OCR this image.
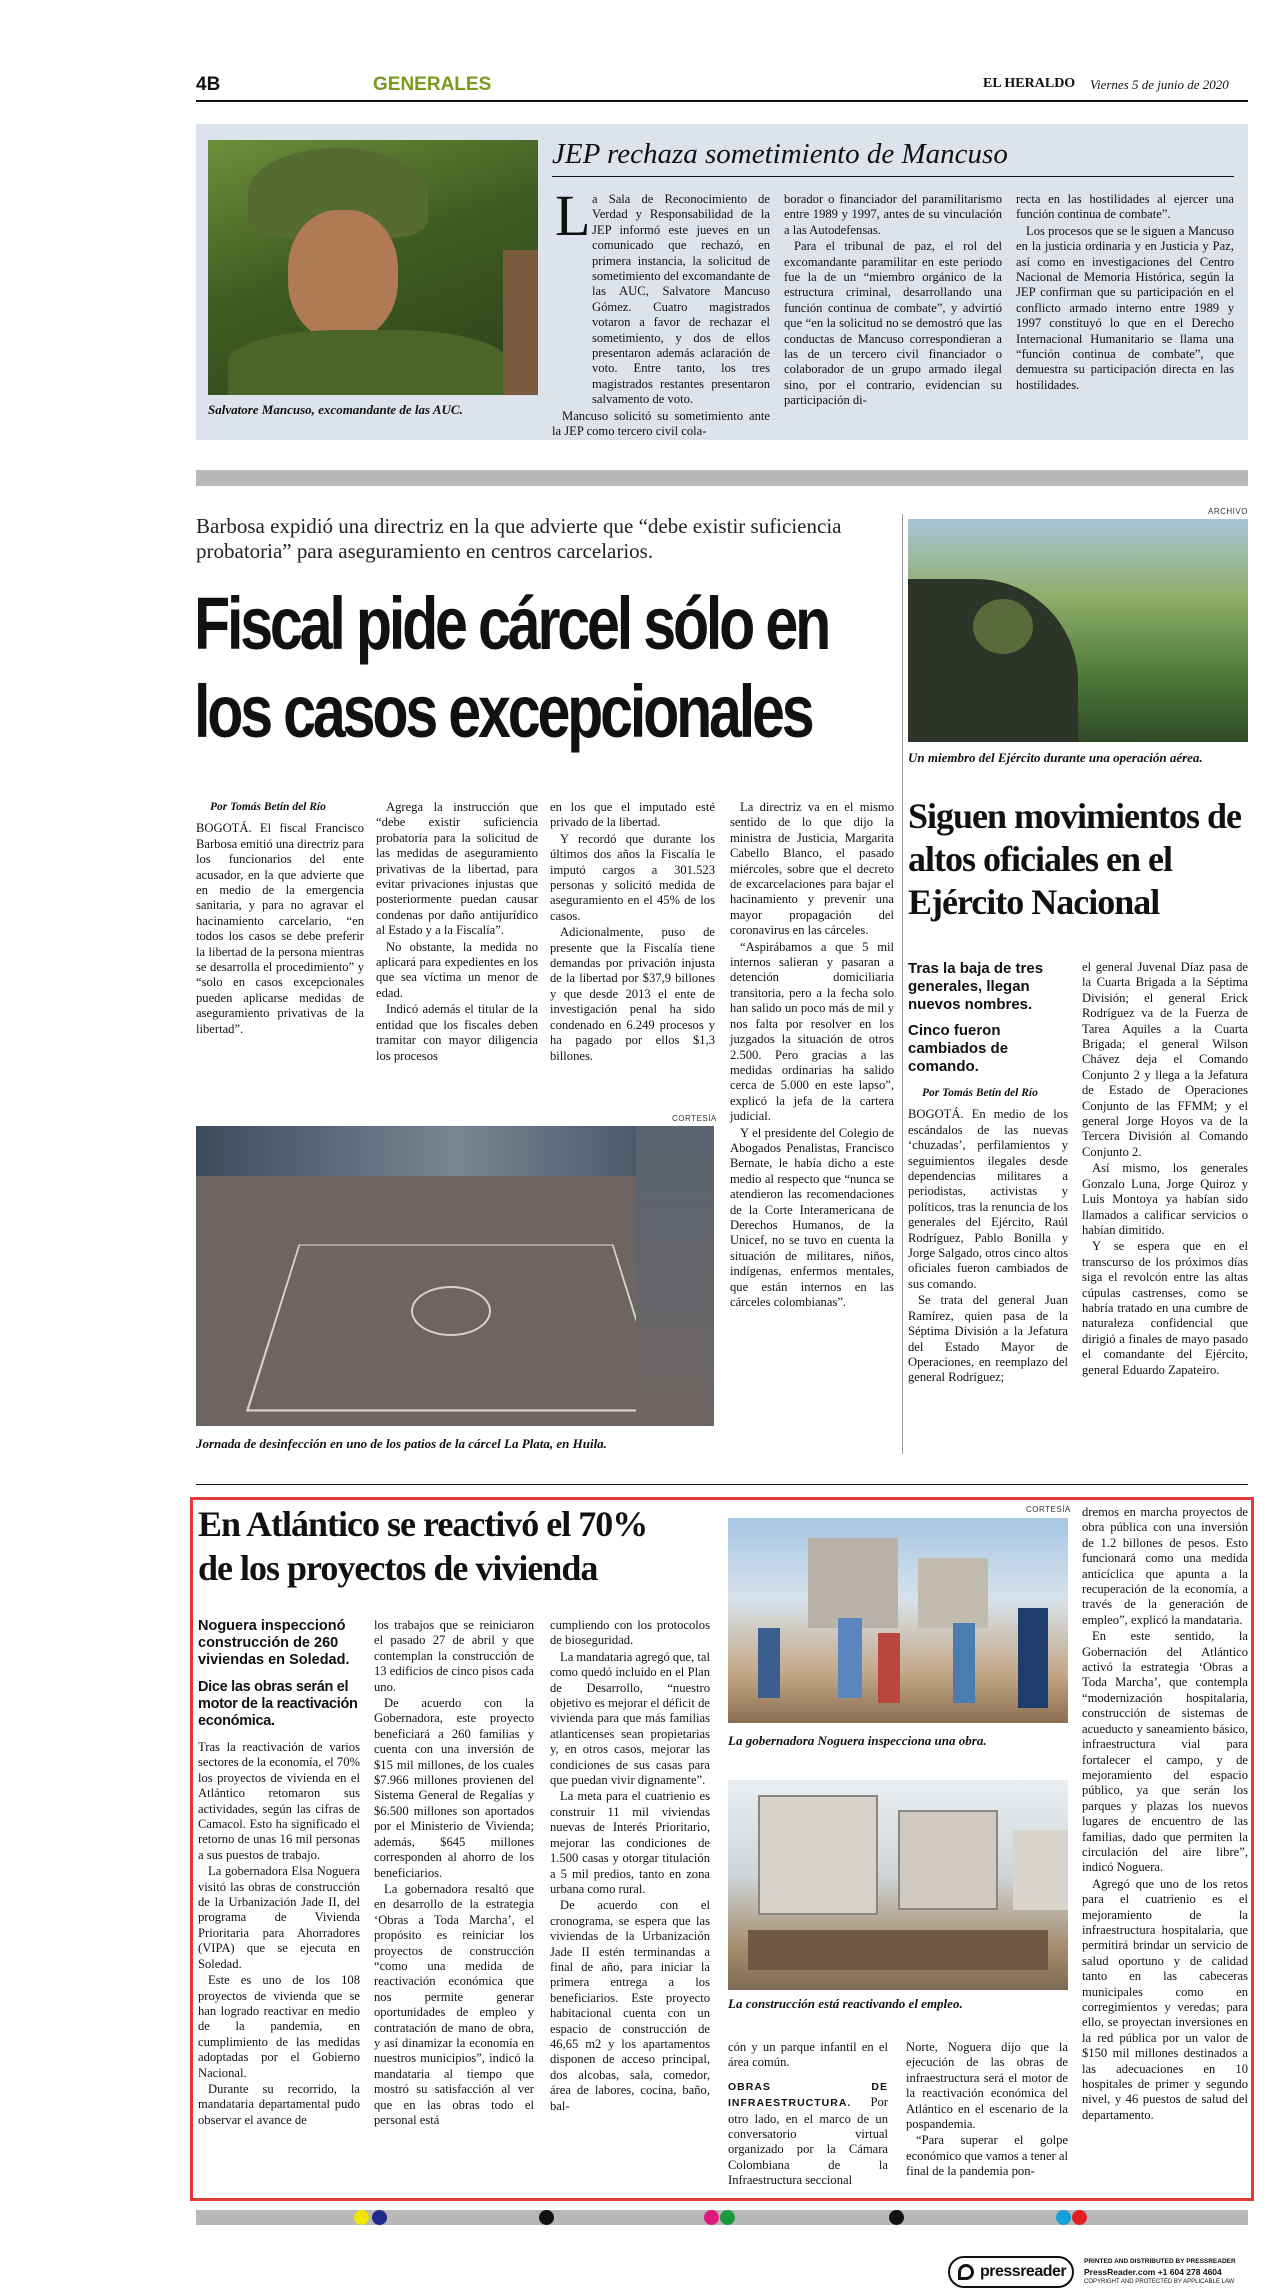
4B	GENERALES	EL HERALDO Viernes 5 de junio de 2020
Salvatore Mancuso, excomandante de las AUC.
JEP rechaza sometimiento de Mancuso
L a Sala de Reconocimiento de Verdad y Responsabilidad de la JEP informó este jueves en un comunicado que rechazó, en primera instancia, la solicitud de sometimiento del excomandante de las AUC, Salvatore Mancuso Gómez. Cuatro magistrados votaron a favor de rechazar el sometimiento, y dos de ellos presentaron además aclaración de voto. Entre tanto, los tres magistrados restantes presentaron salvamento de voto.

Mancuso solicitó su sometimiento ante la JEP como tercero civil cola-

borador o financiador del paramilitarismo entre 1989 y 1997, antes de su vinculación a las Autodefensas.

Para el tribunal de paz, el rol del excomandante paramilitar en este periodo fue la de un “miembro orgánico de la estructura criminal, desarrollando una función continua de combate”, y advirtió que “en la solicitud no se demostró que las conductas de Mancuso correspondieran a las de un tercero civil financiador o colaborador de un grupo armado ilegal sino, por el contrario, evidencian su participación di-

recta en las hostilidades al ejercer una función continua de combate”.

Los procesos que se le siguen a Mancuso en la justicia ordinaria y en Justicia y Paz, así como en investigaciones del Centro Nacional de Memoria Histórica, según la JEP confirman que su participación en el conflicto armado interno entre 1989 y 1997 constituyó lo que en el Derecho Internacional Humanitario se llama una “función continua de combate”, que demuestra su participación directa en las hostilidades.

Barbosa expidió una directriz en la que advierte que “debe existir suficiencia probatoria” para aseguramiento en centros carcelarios.
Fiscal pide cárcel sólo en
los casos excepcionales

Por Tomás Betín del Río

BOGOTÁ. El fiscal Francisco Barbosa emitió una directriz para los funcionarios del ente acusador, en la que advierte que en medio de la emergencia sanitaria, y para no agravar el hacinamiento carcelario, “en todos los casos se debe preferir la libertad de la persona mientras se desarrolla el procedimiento” y “solo en casos excepcionales pueden aplicarse medidas de aseguramiento privativas de la libertad”.

Agrega la instrucción que “debe existir suficiencia probatoria para la solicitud de las medidas de aseguramiento privativas de la libertad, para evitar privaciones injustas que posteriormente puedan causar condenas por daño antijurídico al Estado y a la Fiscalía”.

No obstante, la medida no aplicará para expedientes en los que sea víctima un menor de edad.

Indicó además el titular de la entidad que los fiscales deben tramitar con mayor diligencia los procesos

en los que el imputado esté privado de la libertad.

Y recordó que durante los últimos dos años la Fiscalía le imputó cargos a 301.523 personas y solicitó medida de aseguramiento en el 45% de los casos.

Adicionalmente, puso de presente que la Fiscalía tiene demandas por privación injusta de la libertad por $37,9 billones y que desde 2013 el ente de investigación penal ha sido condenado en 6.249 procesos y ha pagado por ellos $1,3 billones.

La directriz va en el mismo sentido de lo que dijo la ministra de Justicia, Margarita Cabello Blanco, el pasado miércoles, sobre que el decreto de excarcelaciones para bajar el hacinamiento y prevenir una mayor propagación del coronavirus en las cárceles.

“Aspirábamos a que 5 mil internos salieran y pasaran a detención domiciliaria transitoria, pero a la fecha solo han salido un poco más de mil y nos falta por resolver en los juzgados la situación de otros 2.500. Pero gracias a las medidas ordinarias ha salido cerca de 5.000 en este lapso”, explicó la jefa de la cartera judicial.

Y el presidente del Colegio de Abogados Penalistas, Francisco Bernate, le había dicho a este medio al respecto que “nunca se atendieron las recomendaciones de la Corte Interamericana de Derechos Humanos, de la Unicef, no se tuvo en cuenta la situación de militares, niños, indígenas, enfermos mentales, que están internos en las cárceles colombianas”.

CORTESÍA
Jornada de desinfección en uno de los patios de la cárcel La Plata, en Huila.
ARCHIVO
Un miembro del Ejército durante una operación aérea.
Siguen movimientos de altos oficiales en el Ejército Nacional

Tras la baja de tres generales, llegan nuevos nombres.

Cinco fueron cambiados de comando.

Por Tomás Betín del Río

BOGOTÁ. En medio de los escándalos de las nuevas ‘chuzadas’, perfilamientos y seguimientos ilegales desde dependencias militares a periodistas, activistas y políticos, tras la renuncia de los generales del Ejército, Raúl Rodríguez, Pablo Bonilla y Jorge Salgado, otros cinco altos oficiales fueron cambiados de sus comando.

Se trata del general Juan Ramírez, quien pasa de la Séptima División a la Jefatura del Estado Mayor de Operaciones, en reemplazo del general Rodríguez;

el general Juvenal Díaz pasa de la Cuarta Brigada a la Séptima División; el general Erick Rodríguez va de la Fuerza de Tarea Aquiles a la Cuarta Brigada; el general Wilson Chávez deja el Comando Conjunto 2 y llega a la Jefatura de Estado de Operaciones Conjunto de las FFMM; y el general Jorge Hoyos va de la Tercera División al Comando Conjunto 2.

Así mismo, los generales Gonzalo Luna, Jorge Quiroz y Luis Montoya ya habían sido llamados a calificar servicios o habían dimitido.

Y se espera que en el transcurso de los próximos días siga el revolcón entre las altas cúpulas castrenses, como se habría tratado en una cumbre de naturaleza confidencial que dirigió a finales de mayo pasado el comandante del Ejército, general Eduardo Zapateiro.

En Atlántico se reactivó el 70%
de los proyectos de vivienda

Noguera inspeccionó construcción de 260 viviendas en Soledad.

Dice las obras serán el motor de la reactivación económica.

Tras la reactivación de varios sectores de la economía, el 70% los proyectos de vivienda en el Atlántico retomaron sus actividades, según las cifras de Camacol. Esto ha significado el retorno de unas 16 mil personas a sus puestos de trabajo.

La gobernadora Elsa Noguera visitó las obras de construcción de la Urbanización Jade II, del programa de Vivienda Prioritaria para Ahorradores (VIPA) que se ejecuta en Soledad.

Este es uno de los 108 proyectos de vivienda que se han logrado reactivar en medio de la pandemia, en cumplimiento de las medidas adoptadas por el Gobierno Nacional.

Durante su recorrido, la mandataria departamental pudo observar el avance de

los trabajos que se reiniciaron el pasado 27 de abril y que contemplan la construcción de 13 edificios de cinco pisos cada uno.

De acuerdo con la Gobernadora, este proyecto beneficiará a 260 familias y cuenta con una inversión de $15 mil millones, de los cuales $7.966 millones provienen del Sistema General de Regalías y $6.500 millones son aportados por el Ministerio de Vivienda; además, $645 millones corresponden al ahorro de los beneficiarios.

La gobernadora resaltó que en desarrollo de la estrategia ‘Obras a Toda Marcha’, el propósito es reiniciar los proyectos de construcción “como una medida de reactivación económica que nos permite generar oportunidades de empleo y contratación de mano de obra, y así dinamizar la economía en nuestros municipios”, indicó la mandataria al tiempo que mostró su satisfacción al ver que en las obras todo el personal está

cumpliendo con los protocolos de bioseguridad.

La mandataria agregó que, tal como quedó incluido en el Plan de Desarrollo, “nuestro objetivo es mejorar el déficit de vivienda para que más familias atlanticenses sean propietarias y, en otros casos, mejorar las condiciones de sus casas para que puedan vivir dignamente”.

La meta para el cuatrienio es construir 11 mil viviendas nuevas de Interés Prioritario, mejorar las condiciones de 1.500 casas y otorgar titulación a 5 mil predios, tanto en zona urbana como rural.

De acuerdo con el cronograma, se espera que las viviendas de la Urbanización Jade II estén terminandas a final de año, para iniciar la primera entrega a los beneficiarios. Este proyecto habitacional cuenta con un espacio de construcción de 46,65 m2 y los apartamentos disponen de acceso principal, dos alcobas, sala, comedor, área de labores, cocina, baño, bal-

CORTESÍA
La gobernadora Noguera inspecciona una obra.
La construcción está reactivando el empleo.

cón y un parque infantil en el área común.

OBRAS DE INFRAESTRUCTURA. Por otro lado, en el marco de un conversatorio virtual organizado por la Cámara Colombiana de la Infraestructura seccional

Norte, Noguera dijo que la ejecución de las obras de infraestructura será el motor de la reactivación económica del Atlántico en el escenario de la pospandemia.

“Para superar el golpe económico que vamos a tener al final de la pandemia pon-

dremos en marcha proyectos de obra pública con una inversión de 1.2 billones de pesos. Esto funcionará como una medida anticíclica que apunta a la recuperación de la economía, a través de la generación de empleo”, explicó la mandataria.

En este sentido, la Gobernación del Atlántico activó la estrategia ‘Obras a Toda Marcha’, que contempla “modernización hospitalaria, construcción de sistemas de acueducto y saneamiento básico, infraestructura vial para fortalecer el campo, y de mejoramiento del espacio público, ya que serán los parques y plazas los nuevos lugares de encuentro de las familias, dado que permiten la circulación del aire libre”, indicó Noguera.

Agregó que uno de los retos para el cuatrienio es el mejoramiento de la infraestructura hospitalaria, que permitirá brindar un servicio de salud oportuno y de calidad tanto en las cabeceras municipales como en corregimientos y veredas; para ello, se proyectan inversiones en la red pública por un valor de $150 mil millones destinados a las adecuaciones en 10 hospitales de primer y segundo nivel, y 46 puestos de salud del departamento.

pressreader
PRINTED AND DISTRIBUTED BY PRESSREADER
PressReader.com +1 604 278 4604
COPYRIGHT AND PROTECTED BY APPLICABLE LAW
